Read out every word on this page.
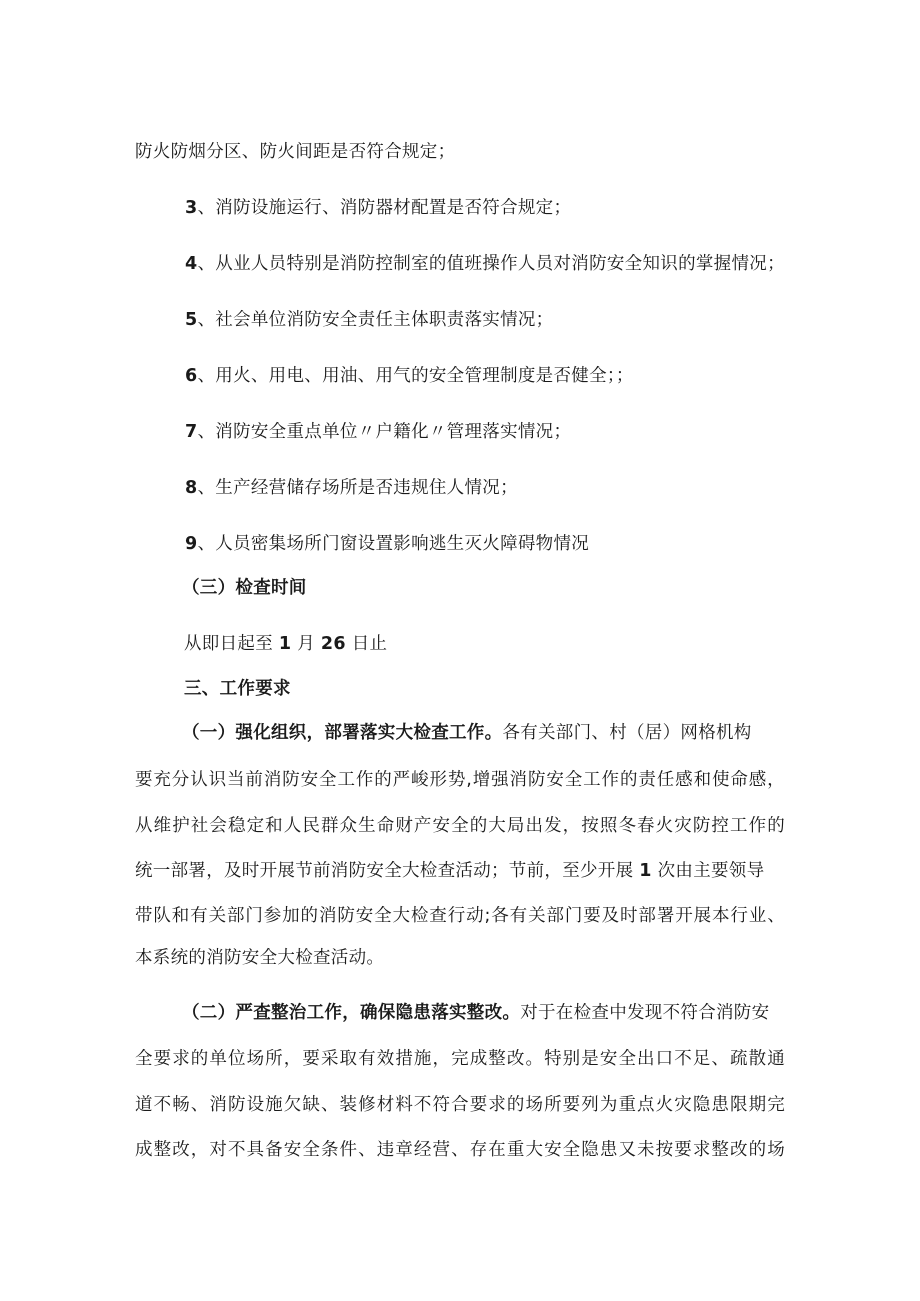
防火防烟分区、防火间距是否符合规定；
3、消防设施运行、消防器材配置是否符合规定；
4、从业人员特别是消防控制室的值班操作人员对消防安全知识的掌握情况；
5、社会单位消防安全责任主体职责落实情况；
6、用火、用电、用油、用气的安全管理制度是否健全；；
7、消防安全重点单位〃户籍化〃管理落实情况；
8、生产经营储存场所是否违规住人情况；
9、人员密集场所门窗设置影响逃生灭火障碍物情况
（三）检查时间
从即日起至 1 月 26 日止
三、工作要求
（一）强化组织，部署落实大检查工作。各有关部门、村（居）网格机构
要充分认识当前消防安全工作的严峻形势,增强消防安全工作的责任感和使命感，
从维护社会稳定和人民群众生命财产安全的大局出发，按照冬春火灾防控工作的
统一部署，及时开展节前消防安全大检查活动；节前，至少开展 1 次由主要领导
带队和有关部门参加的消防安全大检查行动;各有关部门要及时部署开展本行业、
本系统的消防安全大检查活动。
（二）严查整治工作，确保隐患落实整改。对于在检查中发现不符合消防安
全要求的单位场所，要采取有效措施，完成整改。特别是安全出口不足、疏散通
道不畅、消防设施欠缺、装修材料不符合要求的场所要列为重点火灾隐患限期完
成整改，对不具备安全条件、违章经营、存在重大安全隐患又未按要求整改的场
